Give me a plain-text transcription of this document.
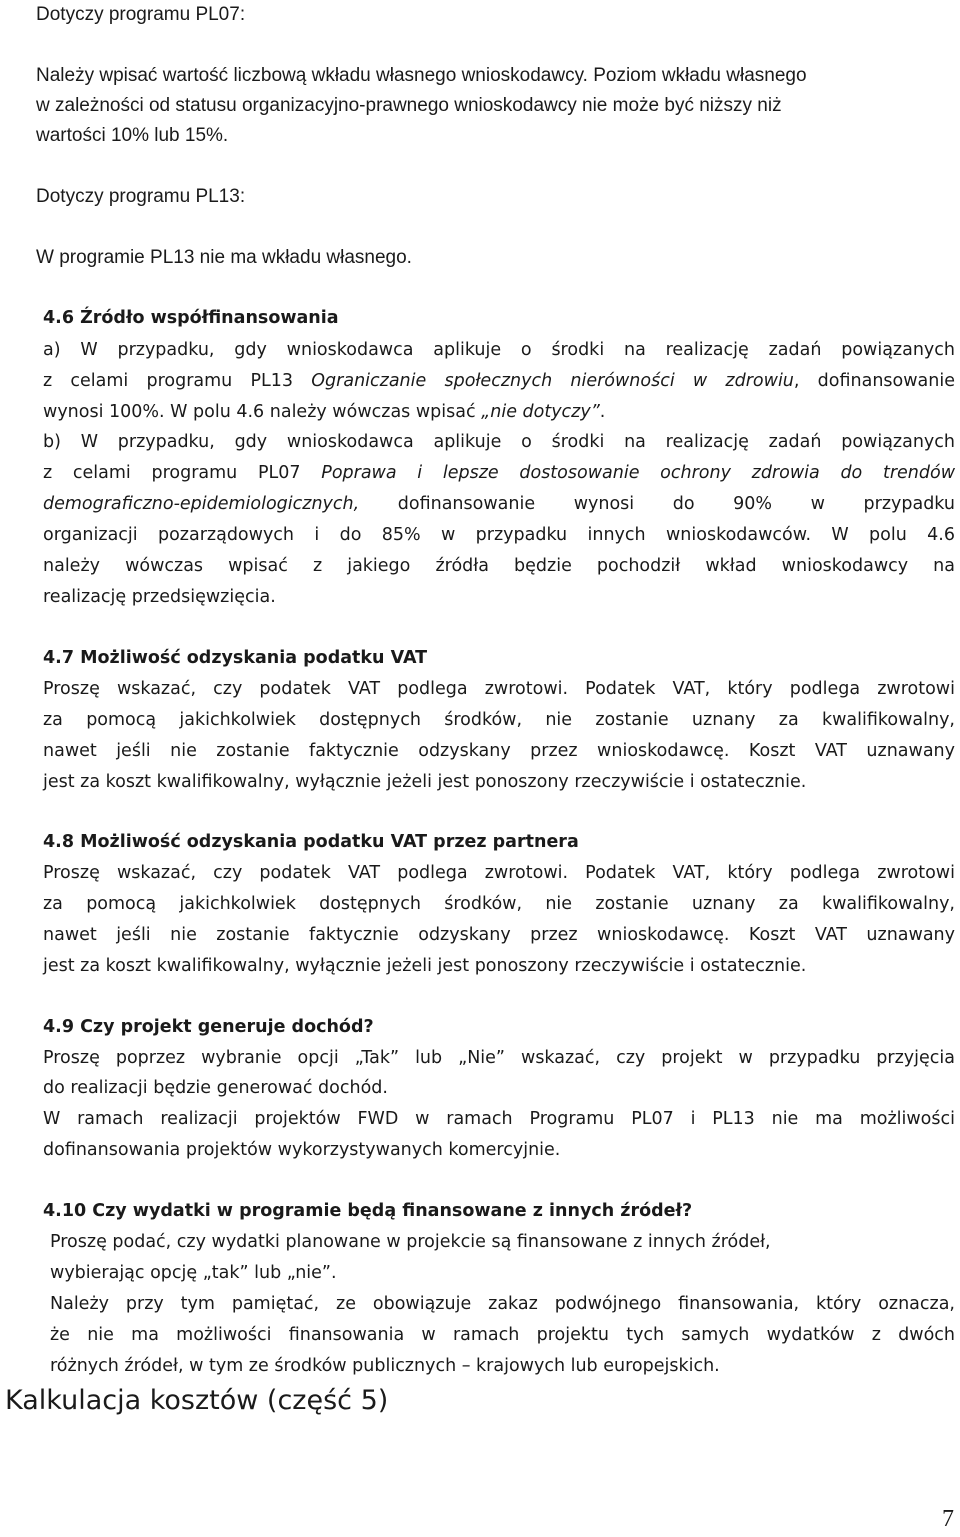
Dotyczy programu PL07:

Należy wpisać wartość liczbową wkładu własnego wnioskodawcy. Poziom wkładu własnego

w zależności od statusu organizacyjno-prawnego wnioskodawcy nie może być niższy niż

wartości 10% lub 15%.

Dotyczy programu PL13:

W programie PL13 nie ma wkładu własnego.

4.6 Źródło współfinansowania

a) W przypadku, gdy wnioskodawca aplikuje o środki na realizację zadań powiązanych

z celami programu PL13 Ograniczanie społecznych nierówności w zdrowiu, dofinansowanie

wynosi 100%. W polu 4.6 należy wówczas wpisać „nie dotyczy”.

b) W przypadku, gdy wnioskodawca aplikuje o środki na realizację zadań powiązanych

z celami programu PL07 Poprawa i lepsze dostosowanie ochrony zdrowia do trendów

demograficzno-epidemiologicznych, dofinansowanie wynosi do 90% w przypadku

organizacji pozarządowych i do 85% w przypadku innych wnioskodawców. W polu 4.6

należy wówczas wpisać z jakiego źródła będzie pochodził wkład wnioskodawcy na

realizację przedsięwzięcia.

4.7 Możliwość odzyskania podatku VAT

Proszę wskazać, czy podatek VAT podlega zwrotowi. Podatek VAT, który podlega zwrotowi

za pomocą jakichkolwiek dostępnych środków, nie zostanie uznany za kwalifikowalny,

nawet jeśli nie zostanie faktycznie odzyskany przez wnioskodawcę. Koszt VAT uznawany

jest za koszt kwalifikowalny, wyłącznie jeżeli jest ponoszony rzeczywiście i ostatecznie.

4.8 Możliwość odzyskania podatku VAT przez partnera

Proszę wskazać, czy podatek VAT podlega zwrotowi. Podatek VAT, który podlega zwrotowi

za pomocą jakichkolwiek dostępnych środków, nie zostanie uznany za kwalifikowalny,

nawet jeśli nie zostanie faktycznie odzyskany przez wnioskodawcę. Koszt VAT uznawany

jest za koszt kwalifikowalny, wyłącznie jeżeli jest ponoszony rzeczywiście i ostatecznie.

4.9 Czy projekt generuje dochód?

Proszę poprzez wybranie opcji „Tak” lub „Nie” wskazać, czy projekt w przypadku przyjęcia

do realizacji będzie generować dochód.

W ramach realizacji projektów FWD w ramach Programu PL07 i PL13 nie ma możliwości

dofinansowania projektów wykorzystywanych komercyjnie.

4.10 Czy wydatki w programie będą finansowane z innych źródeł?

Proszę podać, czy wydatki planowane w projekcie są finansowane z innych źródeł,

wybierając opcję „tak” lub „nie”.

Należy przy tym pamiętać, ze obowiązuje zakaz podwójnego finansowania, który oznacza,

że nie ma możliwości finansowania w ramach projektu tych samych wydatków z dwóch

różnych źródeł, w tym ze środków publicznych – krajowych lub europejskich.

Kalkulacja kosztów (część 5)

7
